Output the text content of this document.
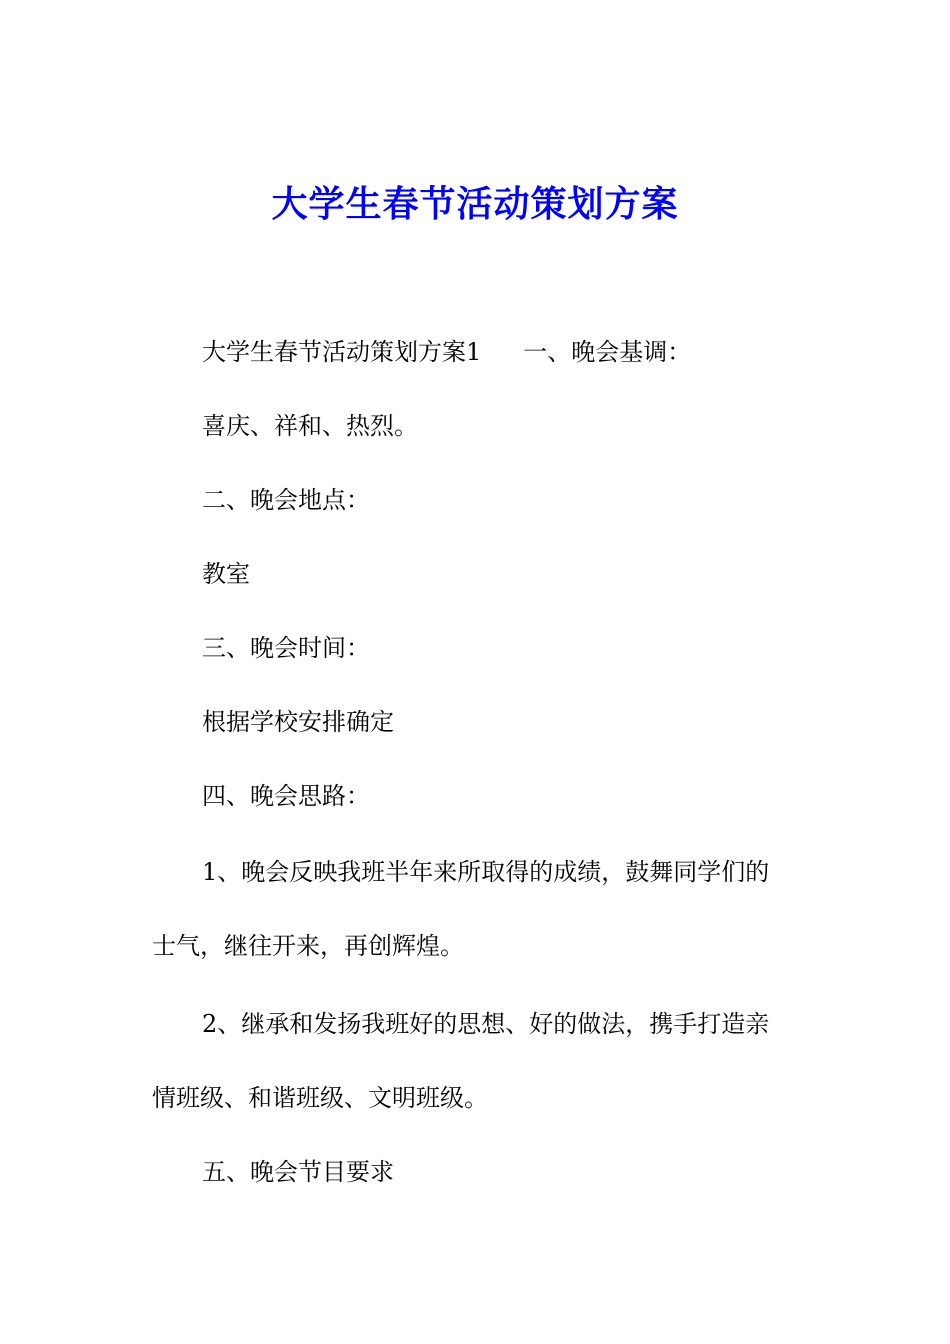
大学生春节活动策划方案
大学生春节活动策划方案1 一、晚会基调：
喜庆、祥和、热烈。
二、晚会地点：
教室
三、晚会时间：
根据学校安排确定
四、晚会思路：
1、晚会反映我班半年来所取得的成绩，鼓舞同学们的
士气，继往开来，再创辉煌。
2、继承和发扬我班好的思想、好的做法，携手打造亲
情班级、和谐班级、文明班级。
五、晚会节目要求
